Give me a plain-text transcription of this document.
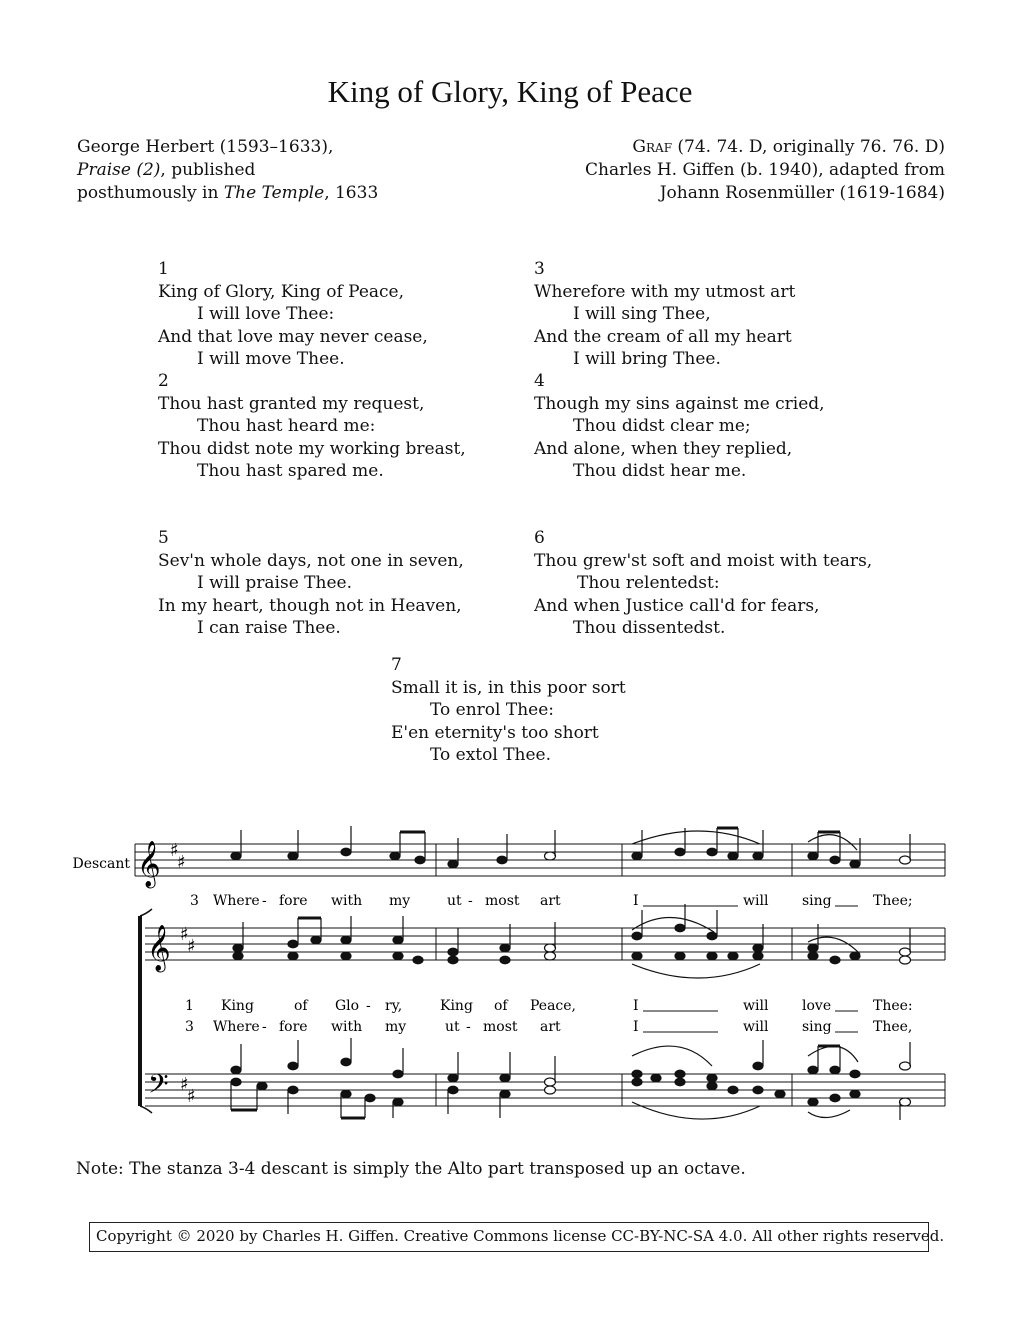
King of Glory, King of Peace
George Herbert (1593–1633),
Praise (2), published
posthumously in The Temple, 1633
Graf (74. 74. D, originally 76. 76. D)
Charles H. Giffen (b. 1940), adapted from
Johann Rosenmüller (1619-1684)
1
King of Glory, King of Peace,
I will love Thee:
And that love may never cease,
I will move Thee.
2
Thou hast granted my request,
Thou hast heard me:
Thou didst note my working breast,
Thou hast spared me.
3
Wherefore with my utmost art
I will sing Thee,
And the cream of all my heart
I will bring Thee.
4
Though my sins against me cried,
Thou didst clear me;
And alone, when they replied,
Thou didst hear me.
5
Sev'n whole days, not one in seven,
I will praise Thee.
In my heart, though not in Heaven,
I can raise Thee.
6
Thou grew'st soft and moist with tears,
Thou relentedst:
And when Justice call'd for fears,
Thou dissentedst.
7
Small it is, in this poor sort
To enrol Thee:
E'en eternity's too short
To extol Thee.
Descant 𝄞 ♯
♯
3 Where - fore with my	ut - most art	I	will sing	Thee;
𝄞 ♯
♯
1 King	of Glo - ry,	King of Peace,	I	will love	Thee:
3 Where - fore with my	ut - most art	I	will sing	Thee,
𝄢 ♯
♯
Note: The stanza 3-4 descant is simply the Alto part transposed up an octave.
Copyright © 2020 by Charles H. Giffen. Creative Commons license CC-BY-NC-SA 4.0. All other rights reserved.
